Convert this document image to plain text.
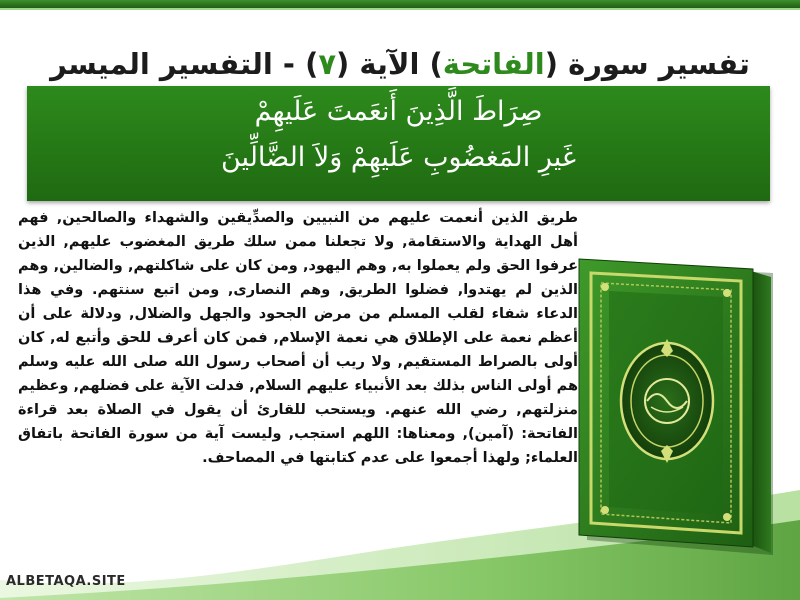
تفسير سورة (الفاتحة) الآية (٧) - التفسير الميسر
صِرَاطَ الَّذِينَ أَنعَمتَ عَلَيهِمْ
غَيرِ المَغضُوبِ عَلَيهِمْ وَلاَ الضَّالِّينَ
طريق الذين أنعمت عليهم من النبيين والصدِّيقين والشهداء والصالحين, فهم أهل الهداية والاستقامة, ولا تجعلنا ممن سلك طريق المغضوب عليهم, الذين عرفوا الحق ولم يعملوا به, وهم اليهود, ومن كان على شاكلتهم, والضالين, وهم الذين لم يهتدوا, فضلوا الطريق, وهم النصارى, ومن اتبع سنتهم. وفي هذا الدعاء شفاء لقلب المسلم من مرض الجحود والجهل والضلال, ودلالة على أن أعظم نعمة على الإطلاق هي نعمة الإسلام, فمن كان أعرف للحق وأتبع له, كان أولى بالصراط المستقيم, ولا ريب أن أصحاب رسول الله صلى الله عليه وسلم هم أولى الناس بذلك بعد الأنبياء عليهم السلام, فدلت الآية على فضلهم, وعظيم منزلتهم, رضي الله عنهم. ويستحب للقارئ أن يقول في الصلاة بعد قراءة الفاتحة: (آمين), ومعناها: اللهم استجب, وليست آية من سورة الفاتحة باتفاق العلماء; ولهذا أجمعوا على عدم كتابتها في المصاحف.
ALBETAQA.SITE
